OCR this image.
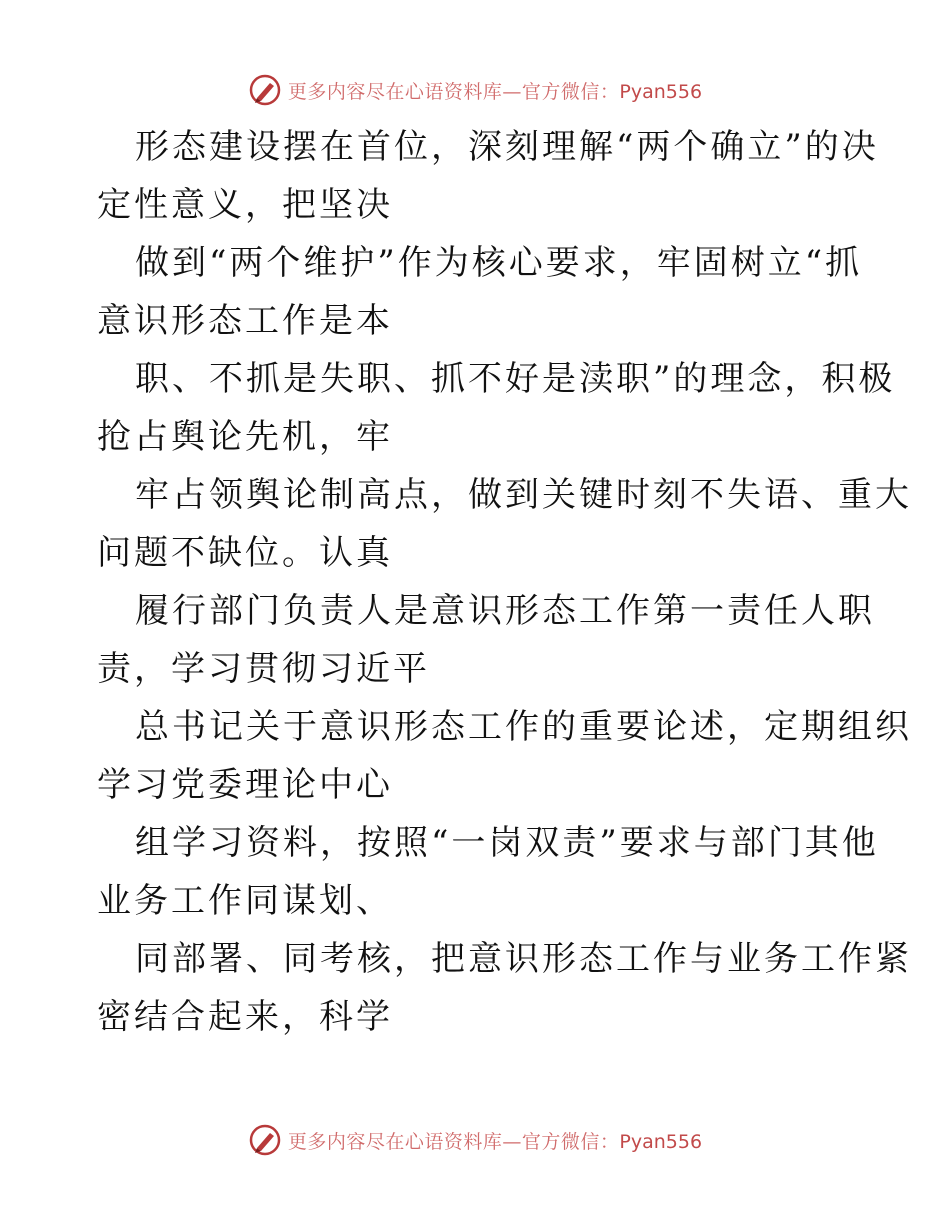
更多内容尽在心语资料库—官方微信：Pyan556

形态建设摆在首位，深刻理解“两个确立”的决
定性意义，把坚决

做到“两个维护”作为核心要求，牢固树立“抓
意识形态工作是本

职、不抓是失职、抓不好是渎职”的理念，积极
抢占舆论先机，牢

牢占领舆论制高点，做到关键时刻不失语、重大
问题不缺位。认真

履行部门负责人是意识形态工作第一责任人职
责，学习贯彻习近平

总书记关于意识形态工作的重要论述，定期组织
学习党委理论中心

组学习资料，按照“一岗双责”要求与部门其他
业务工作同谋划、

同部署、同考核，把意识形态工作与业务工作紧
密结合起来，科学

更多内容尽在心语资料库—官方微信：Pyan556
